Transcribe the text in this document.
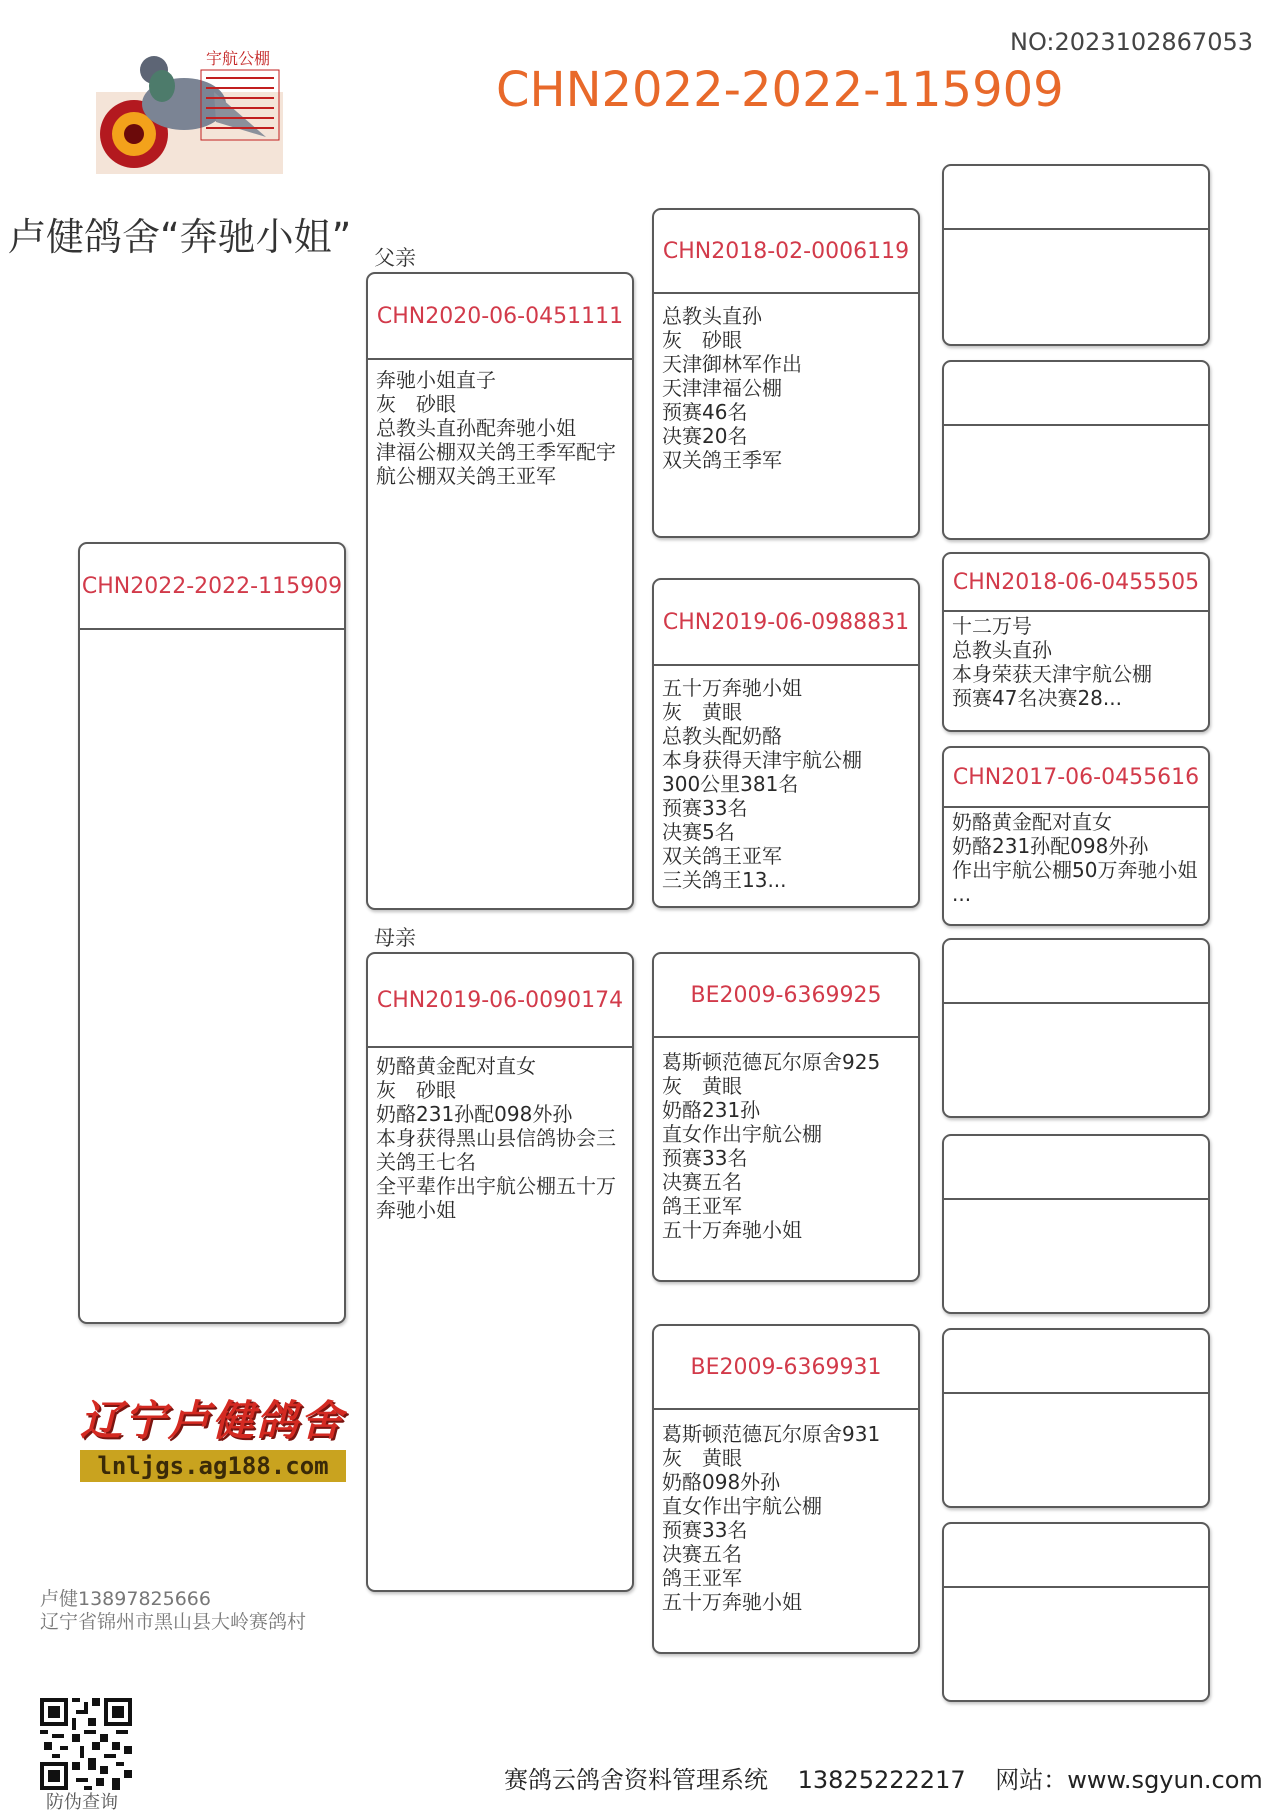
宇航公棚
NO:2023102867053
CHN2022-2022-115909
卢健鸽舍“奔驰小姐” 父亲
母亲
CHN2022-2022-115909
CHN2020-06-0451111
奔驰小姐直子
灰　砂眼
总教头直孙配奔驰小姐
津福公棚双关鸽王季军配宇
航公棚双关鸽王亚军
CHN2019-06-0090174
奶酪黄金配对直女
灰　砂眼
奶酪231孙配098外孙
本身获得黑山县信鸽协会三
关鸽王七名
全平辈作出宇航公棚五十万
奔驰小姐
CHN2018-02-0006119
总教头直孙
灰　砂眼
天津御林军作出
天津津福公棚
预赛46名
决赛20名
双关鸽王季军
CHN2019-06-0988831
五十万奔驰小姐
灰　黄眼
总教头配奶酪
本身获得天津宇航公棚
300公里381名
预赛33名
决赛5名
双关鸽王亚军
三关鸽王13...
BE2009-6369925
葛斯顿范德瓦尔原舍925
灰　黄眼
奶酪231孙
直女作出宇航公棚
预赛33名
决赛五名
鸽王亚军
五十万奔驰小姐
BE2009-6369931
葛斯顿范德瓦尔原舍931
灰　黄眼
奶酪098外孙
直女作出宇航公棚
预赛33名
决赛五名
鸽王亚军
五十万奔驰小姐
CHN2018-06-0455505
十二万号
总教头直孙
本身荣获天津宇航公棚
预赛47名决赛28...
CHN2017-06-0455616
奶酪黄金配对直女
奶酪231孙配098外孙
作出宇航公棚50万奔驰小姐
...
辽宁卢健鸽舍
lnljgs.ag188.com
卢健13897825666
辽宁省锦州市黑山县大岭赛鸽村
防伪查询
赛鸽云鸽舍资料管理系统 13825222217 网站：www.sgyun.com
